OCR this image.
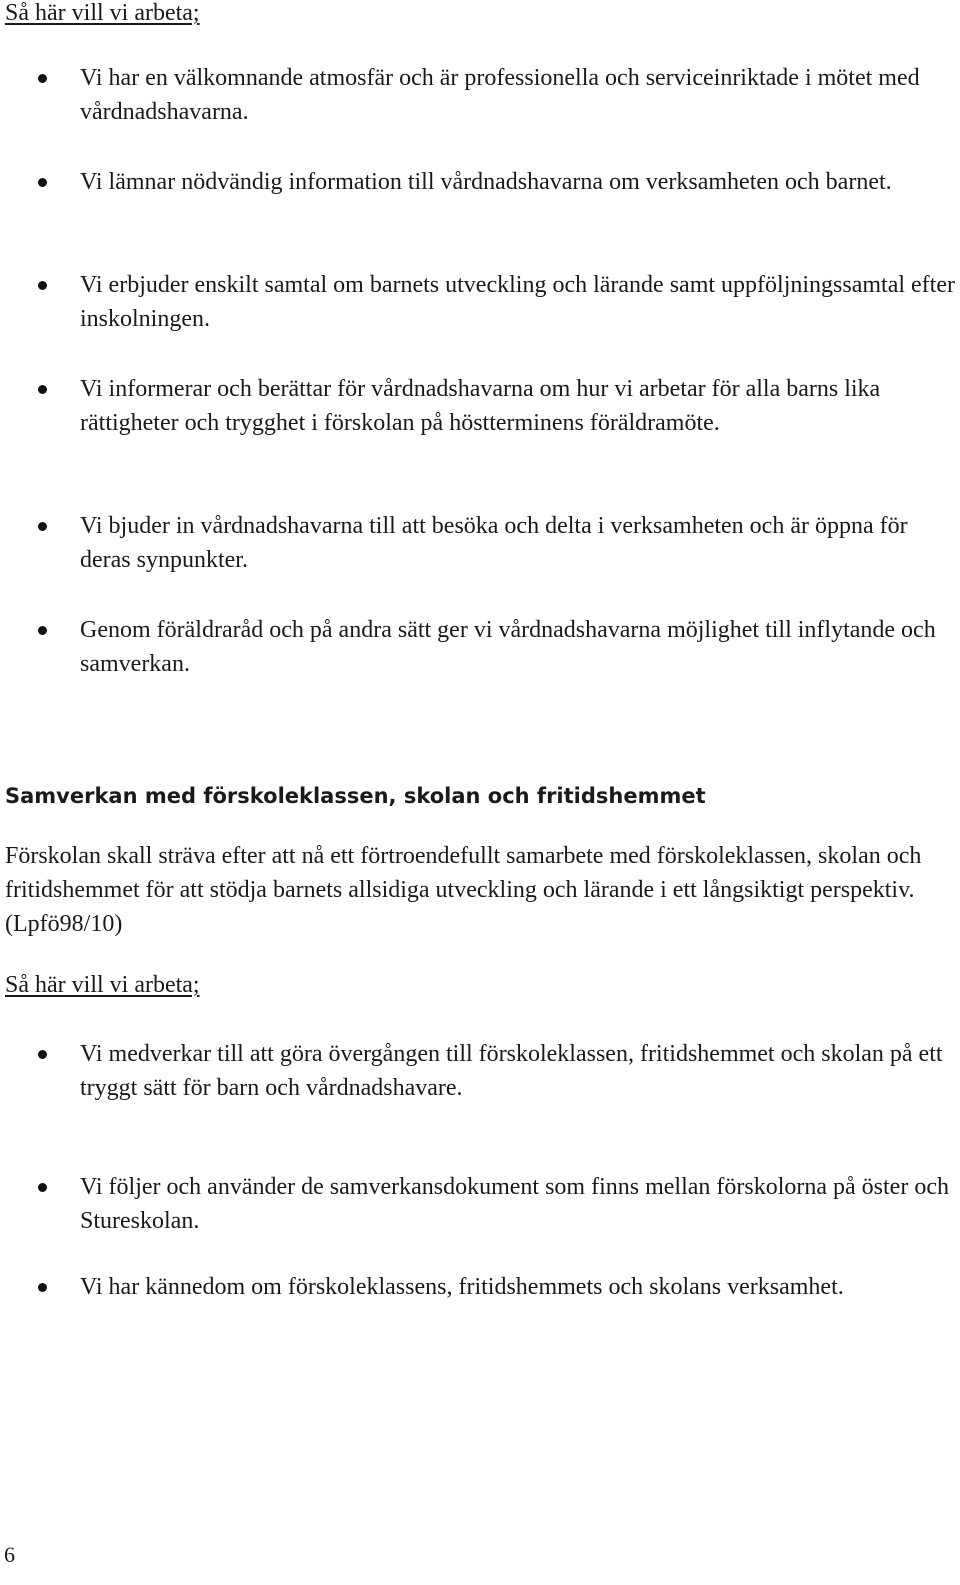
Så här vill vi arbeta;

Vi har en välkomnande atmosfär och är professionella och serviceinriktade i mötet med vårdnadshavarna.

Vi lämnar nödvändig information till vårdnadshavarna om verksamheten och barnet.

Vi erbjuder enskilt samtal om barnets utveckling och lärande samt uppföljningssamtal efter inskolningen.

Vi informerar och berättar för vårdnadshavarna om hur vi arbetar för alla barns lika rättigheter och trygghet i förskolan på höstterminens föräldramöte.

Vi bjuder in vårdnadshavarna till att besöka och delta i verksamheten och är öppna för deras synpunkter.

Genom föräldraråd och på andra sätt ger vi vårdnadshavarna möjlighet till inflytande och samverkan.

Samverkan med förskoleklassen, skolan och fritidshemmet

Förskolan skall sträva efter att nå ett förtroendefullt samarbete med förskoleklassen, skolan och fritidshemmet för att stödja barnets allsidiga utveckling och lärande i ett långsiktigt perspektiv. (Lpfö98/10)

Så här vill vi arbeta;

Vi medverkar till att göra övergången till förskoleklassen, fritidshemmet och skolan på ett tryggt sätt för barn och vårdnadshavare.

Vi följer och använder de samverkansdokument som finns mellan förskolorna på öster och Stureskolan.

Vi har kännedom om förskoleklassens, fritidshemmets och skolans verksamhet.

6
